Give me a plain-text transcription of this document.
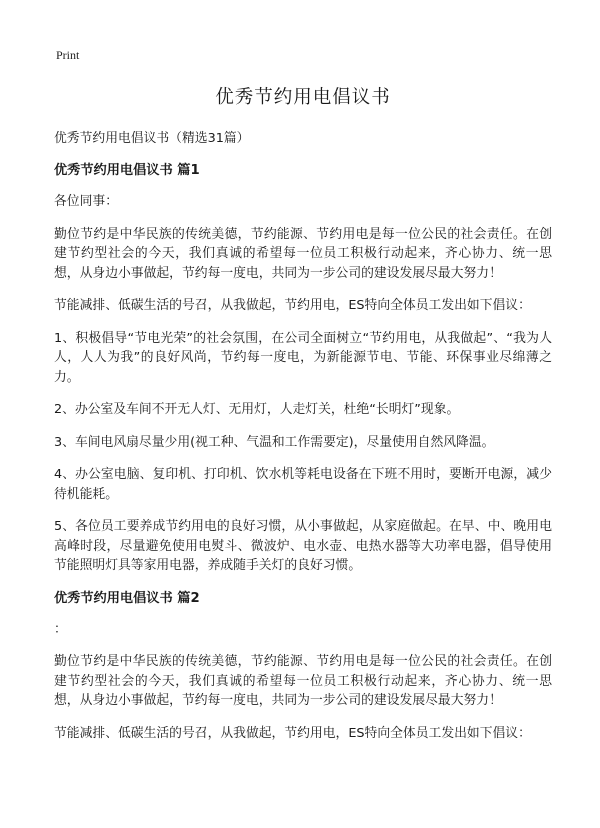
Print
优秀节约用电倡议书
优秀节约用电倡议书（精选31篇）
优秀节约用电倡议书 篇1

各位同事：

勤位节约是中华民族的传统美德，节约能源、节约用电是每一位公民的社会责任。在创建节约型社会的今天，我们真诚的希望每一位员工积极行动起来，齐心协力、统一思想，从身边小事做起，节约每一度电，共同为一步公司的建设发展尽最大努力！

节能减排、低碳生活的号召，从我做起，节约用电，ES特向全体员工发出如下倡议：

1、积极倡导“节电光荣”的社会氛围，在公司全面树立“节约用电，从我做起”、“我为人人，人人为我”的良好风尚，节约每一度电，为新能源节电、节能、环保事业尽绵薄之力。

2、办公室及车间不开无人灯、无用灯，人走灯关，杜绝“长明灯”现象。

3、车间电风扇尽量少用(视工种、气温和工作需要定)，尽量使用自然风降温。

4、办公室电脑、复印机、打印机、饮水机等耗电设备在下班不用时，要断开电源，减少待机能耗。

5、各位员工要养成节约用电的良好习惯，从小事做起，从家庭做起。在早、中、晚用电高峰时段，尽量避免使用电熨斗、微波炉、电水壶、电热水器等大功率电器，倡导使用节能照明灯具等家用电器，养成随手关灯的良好习惯。

优秀节约用电倡议书 篇2

：

勤位节约是中华民族的传统美德，节约能源、节约用电是每一位公民的社会责任。在创建节约型社会的今天，我们真诚的希望每一位员工积极行动起来，齐心协力、统一思想，从身边小事做起，节约每一度电，共同为一步公司的建设发展尽最大努力！

节能减排、低碳生活的号召，从我做起，节约用电，ES特向全体员工发出如下倡议：
